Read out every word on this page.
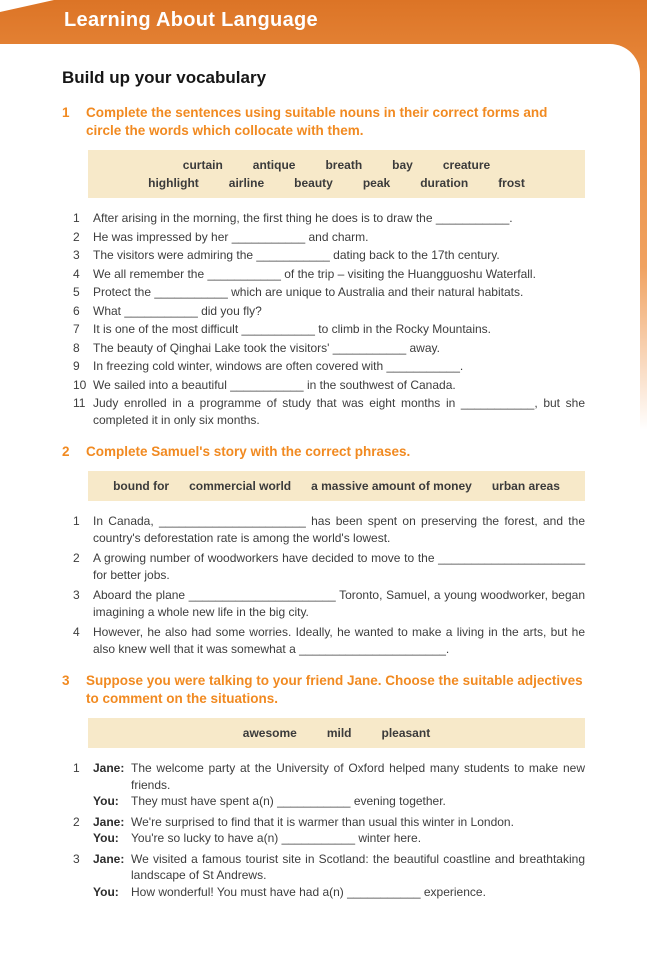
Learning About Language
Build up your vocabulary
1	Complete the sentences using suitable nouns in their correct forms and circle the words which collocate with them.
curtain	antique	breath	bay	creature
highlight	airline	beauty	peak	duration	frost
1	After arising in the morning, the first thing he does is to draw the ___________.
2	He was impressed by her ___________ and charm.
3	The visitors were admiring the ___________ dating back to the 17th century.
4	We all remember the ___________ of the trip – visiting the Huangguoshu Waterfall.
5	Protect the ___________ which are unique to Australia and their natural habitats.
6	What ___________ did you fly?
7	It is one of the most difficult ___________ to climb in the Rocky Mountains.
8	The beauty of Qinghai Lake took the visitors' ___________ away.
9	In freezing cold winter, windows are often covered with ___________.
10 We sailed into a beautiful ___________ in the southwest of Canada.
11 Judy enrolled in a programme of study that was eight months in ___________, but she completed it in only six months.
2	Complete Samuel's story with the correct phrases.
bound for commercial world a massive amount of money urban areas
1	In Canada, ______________________ has been spent on preserving the forest, and the country's deforestation rate is among the world's lowest.
2	A growing number of woodworkers have decided to move to the ______________________ for better jobs.
3	Aboard the plane ______________________ Toronto, Samuel, a young woodworker, began imagining a whole new life in the big city.
4	However, he also had some worries. Ideally, he wanted to make a living in the arts, but he also knew well that it was somewhat a ______________________.
3	Suppose you were talking to your friend Jane. Choose the suitable adjectives to comment on the situations.
awesome	mild	pleasant
1	Jane: The welcome party at the University of Oxford helped many students to make new friends.
You:	They must have spent a(n) ___________ evening together.
2	Jane: We're surprised to find that it is warmer than usual this winter in London.
You:	You're so lucky to have a(n) ___________ winter here.
3	Jane: We visited a famous tourist site in Scotland: the beautiful coastline and breathtaking landscape of St Andrews.
You:	How wonderful! You must have had a(n) ___________ experience.
